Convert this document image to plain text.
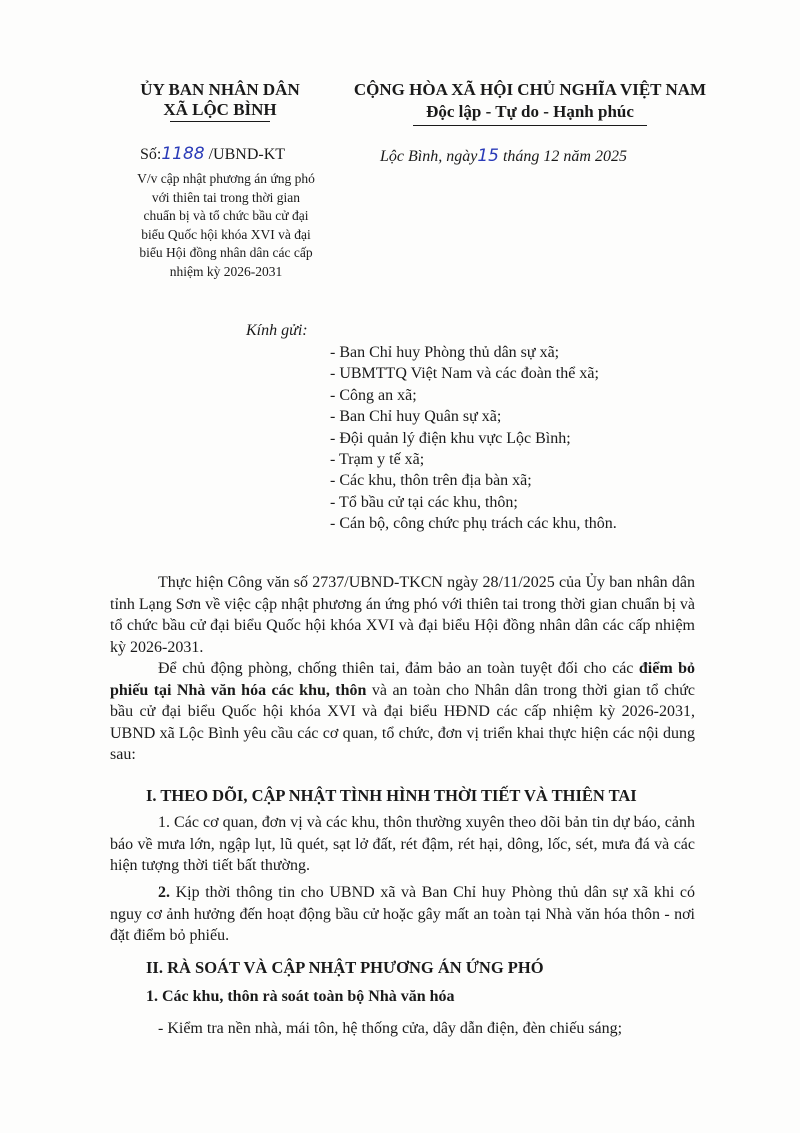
ỦY BAN NHÂN DÂN
XÃ LỘC BÌNH
CỘNG HÒA XÃ HỘI CHỦ NGHĨA VIỆT NAM
Độc lập - Tự do - Hạnh phúc
Số:1188 /UBND-KT	Lộc Bình, ngày15 tháng 12 năm 2025
V/v cập nhật phương án ứng phó
với thiên tai trong thời gian
chuẩn bị và tổ chức bầu cử đại
biểu Quốc hội khóa XVI và đại
biểu Hội đồng nhân dân các cấp
nhiệm kỳ 2026-2031
Kính gửi:
- Ban Chỉ huy Phòng thủ dân sự xã;
- UBMTTQ Việt Nam và các đoàn thể xã;
- Công an xã;
- Ban Chỉ huy Quân sự xã;
- Đội quản lý điện khu vực Lộc Bình;
- Trạm y tế xã;
- Các khu, thôn trên địa bàn xã;
- Tổ bầu cử tại các khu, thôn;
- Cán bộ, công chức phụ trách các khu, thôn.

Thực hiện Công văn số 2737/UBND-TKCN ngày 28/11/2025 của Ủy ban nhân dân tỉnh Lạng Sơn về việc cập nhật phương án ứng phó với thiên tai trong thời gian chuẩn bị và tổ chức bầu cử đại biểu Quốc hội khóa XVI và đại biểu Hội đồng nhân dân các cấp nhiệm kỳ 2026-2031.

Để chủ động phòng, chống thiên tai, đảm bảo an toàn tuyệt đối cho các điểm bỏ phiếu tại Nhà văn hóa các khu, thôn và an toàn cho Nhân dân trong thời gian tổ chức bầu cử đại biểu Quốc hội khóa XVI và đại biểu HĐND các cấp nhiệm kỳ 2026-2031, UBND xã Lộc Bình yêu cầu các cơ quan, tổ chức, đơn vị triển khai thực hiện các nội dung sau:

I. THEO DÕI, CẬP NHẬT TÌNH HÌNH THỜI TIẾT VÀ THIÊN TAI

1. Các cơ quan, đơn vị và các khu, thôn thường xuyên theo dõi bản tin dự báo, cảnh báo về mưa lớn, ngập lụt, lũ quét, sạt lở đất, rét đậm, rét hại, dông, lốc, sét, mưa đá và các hiện tượng thời tiết bất thường.

2. Kịp thời thông tin cho UBND xã và Ban Chỉ huy Phòng thủ dân sự xã khi có nguy cơ ảnh hưởng đến hoạt động bầu cử hoặc gây mất an toàn tại Nhà văn hóa thôn - nơi đặt điểm bỏ phiếu.

II. RÀ SOÁT VÀ CẬP NHẬT PHƯƠNG ÁN ỨNG PHÓ
1. Các khu, thôn rà soát toàn bộ Nhà văn hóa

- Kiểm tra nền nhà, mái tôn, hệ thống cửa, dây dẫn điện, đèn chiếu sáng;
